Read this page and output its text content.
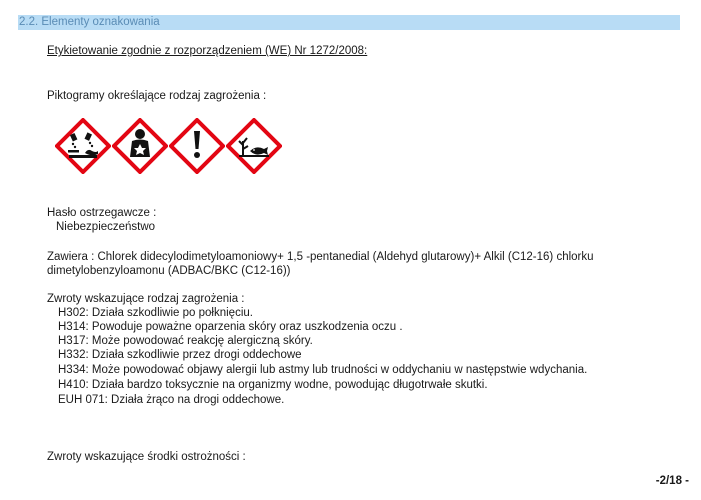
2.2. Elementy oznakowania
Etykietowanie zgodnie z rozporządzeniem (WE) Nr 1272/2008:
Piktogramy określające rodzaj zagrożenia :
Hasło ostrzegawcze :
Niebezpieczeństwo
Zawiera : Chlorek didecylodimetyloamoniowy+ 1,5 -pentanedial (Aldehyd glutarowy)+ Alkil (C12-16) chlorku
dimetylobenzyloamonu (ADBAC/BKC (C12-16))
Zwroty wskazujące rodzaj zagrożenia :
H302: Działa szkodliwie po połknięciu.
H314: Powoduje poważne oparzenia skóry oraz uszkodzenia oczu .
H317: Może powodować reakcję alergiczną skóry.
H332: Działa szkodliwie przez drogi oddechowe
H334: Może powodować objawy alergii lub astmy lub trudności w oddychaniu w następstwie wdychania.
H410: Działa bardzo toksycznie na organizmy wodne, powodując długotrwałe skutki.
EUH 071: Działa żrąco na drogi oddechowe.
Zwroty wskazujące środki ostrożności :
-2/18 -
